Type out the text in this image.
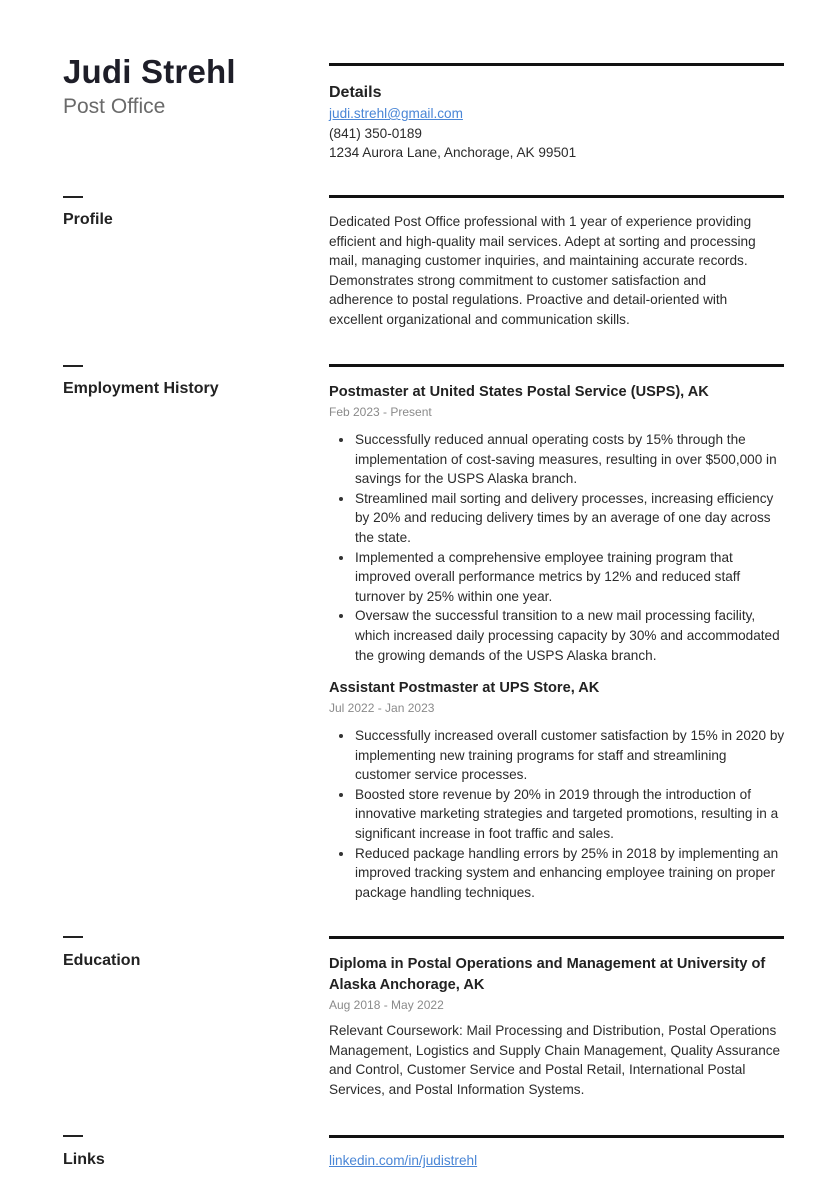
Judi Strehl
Post Office
Details
judi.strehl@gmail.com
(841) 350-0189
1234 Aurora Lane, Anchorage, AK 99501
Profile	Dedicated Post Office professional with 1 year of experience providing
efficient and high-quality mail services. Adept at sorting and processing
mail, managing customer inquiries, and maintaining accurate records.
Demonstrates strong commitment to customer satisfaction and
adherence to postal regulations. Proactive and detail-oriented with
excellent organizational and communication skills.
Employment History	Postmaster at United States Postal Service (USPS), AK
Feb 2023 - Present
Successfully reduced annual operating costs by 15% through the implementation of cost-saving measures, resulting in over $500,000 in savings for the USPS Alaska branch.
Streamlined mail sorting and delivery processes, increasing efficiency by 20% and reducing delivery times by an average of one day across the state.
Implemented a comprehensive employee training program that improved overall performance metrics by 12% and reduced staff turnover by 25% within one year.
Oversaw the successful transition to a new mail processing facility, which increased daily processing capacity by 30% and accommodated the growing demands of the USPS Alaska branch.
Assistant Postmaster at UPS Store, AK
Jul 2022 - Jan 2023
Successfully increased overall customer satisfaction by 15% in 2020 by implementing new training programs for staff and streamlining customer service processes.
Boosted store revenue by 20% in 2019 through the introduction of innovative marketing strategies and targeted promotions, resulting in a significant increase in foot traffic and sales.
Reduced package handling errors by 25% in 2018 by implementing an improved tracking system and enhancing employee training on proper package handling techniques.
Education	Diploma in Postal Operations and Management at University of Alaska Anchorage, AK
Aug 2018 - May 2022
Relevant Coursework: Mail Processing and Distribution, Postal Operations Management, Logistics and Supply Chain Management, Quality Assurance and Control, Customer Service and Postal Retail, International Postal Services, and Postal Information Systems.
Links	linkedin.com/in/judistrehl
